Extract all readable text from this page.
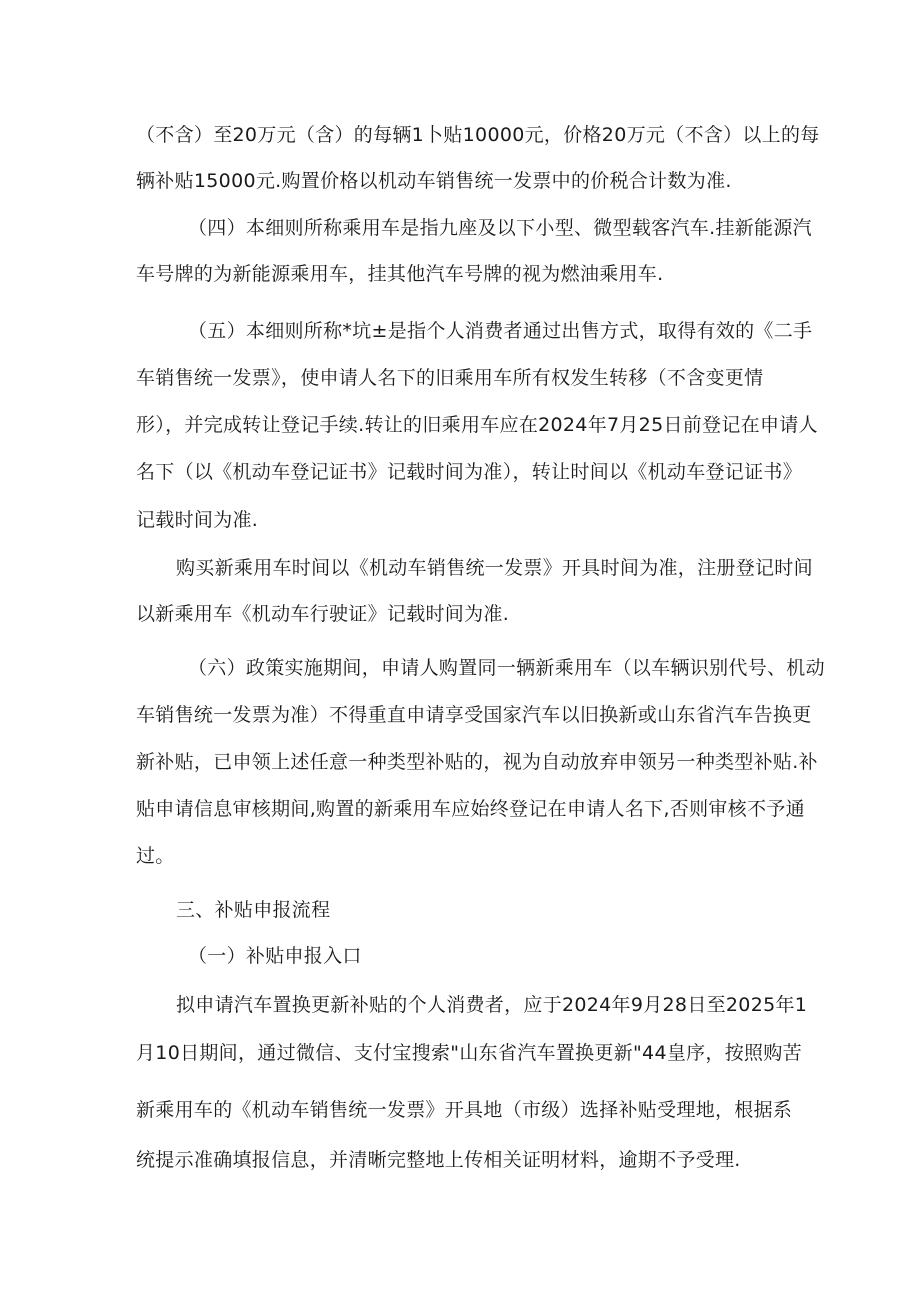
（不含）至20万元（含）的每辆1卜贴10000元，价格20万元（不含）以上的每
辆补贴15000元.购置价格以机动车销售统一发票中的价税合计数为准.
（四）本细则所称乘用车是指九座及以下小型、微型载客汽车.挂新能源汽
车号牌的为新能源乘用车，挂其他汽车号牌的视为燃油乘用车.
（五）本细则所称*坑±是指个人消费者通过出售方式，取得有效的《二手
车销售统一发票》，使申请人名下的旧乘用车所有权发生转移（不含变更情
形），并完成转让登记手续.转让的旧乘用车应在2024年7月25日前登记在申请人
名下（以《机动车登记证书》记载时间为准），转让时间以《机动车登记证书》
记载时间为准.
购买新乘用车时间以《机动车销售统一发票》开具时间为准，注册登记时间
以新乘用车《机动车行驶证》记载时间为准.
（六）政策实施期间，申请人购置同一辆新乘用车（以车辆识别代号、机动
车销售统一发票为准）不得重直申请享受国家汽车以旧换新或山东省汽车告换更
新补贴，已申领上述任意一种类型补贴的，视为自动放弃申领另一种类型补贴.补
贴申请信息审核期间,购置的新乘用车应始终登记在申请人名下,否则审核不予通
过。
三、补贴申报流程
（一）补贴申报入口
拟申请汽车置换更新补贴的个人消费者，应于2024年9月28日至2025年1
月10日期间，通过微信、支付宝搜索"山东省汽车置换更新"44皇序，按照购苦
新乘用车的《机动车销售统一发票》开具地（市级）选择补贴受理地，根据系
统提示准确填报信息，并清晰完整地上传相关证明材料，逾期不予受理.
